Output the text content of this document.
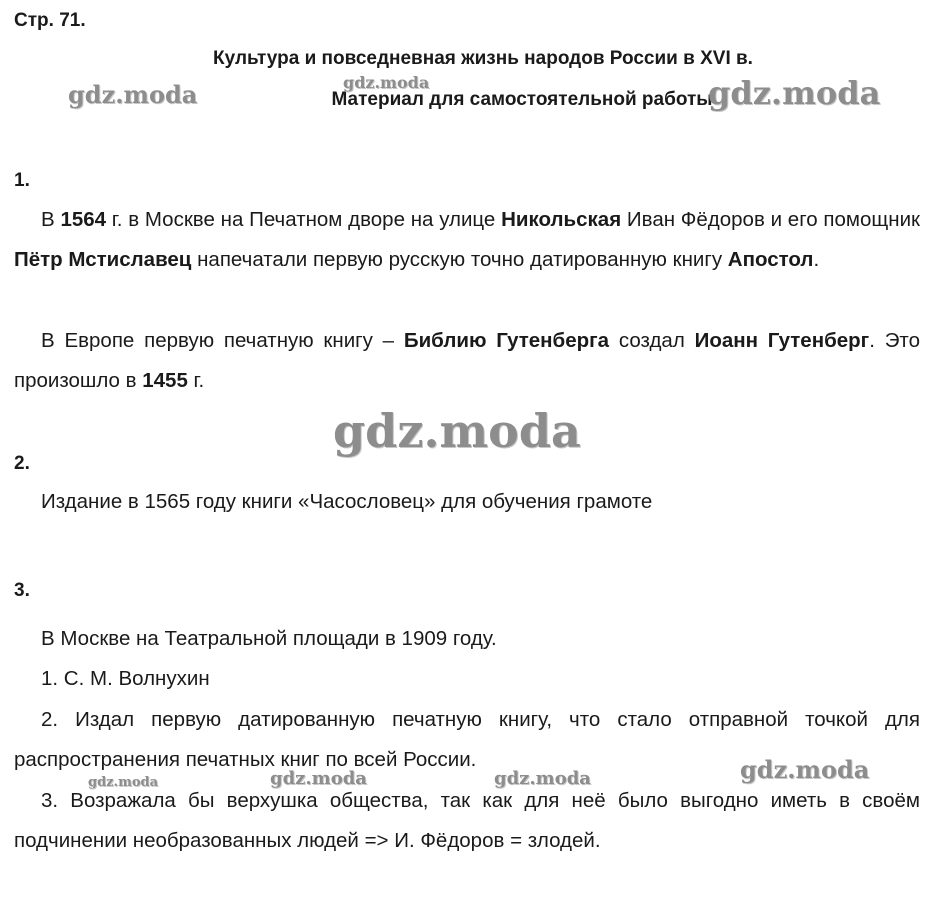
Стр. 71.

Культура и повседневная жизнь народов России в XVI в.

Материал для самостоятельной работы

1.

В 1564 г. в Москве на Печатном дворе на улице Никольская Иван Фёдоров и его помощник Пётр Мстиславец напечатали первую русскую точно датированную книгу Апостол.

В Европе первую печатную книгу – Библию Гутенберга создал Иоанн Гутенберг. Это произошло в 1455 г.

2.

Издание в 1565 году книги «Часословец» для обучения грамоте

3.

В Москве на Театральной площади в 1909 году.

1. С. М. Волнухин

2. Издал первую датированную печатную книгу, что стало отправной точкой для распространения печатных книг по всей России.

3. Возражала бы верхушка общества, так как для неё было выгодно иметь в своём подчинении необразованных людей => И. Фёдоров = злодей.

gdz.moda	gdz.moda	gdz.moda
gdz.moda
gdz.moda	gdz.moda	gdz.moda	gdz.moda
